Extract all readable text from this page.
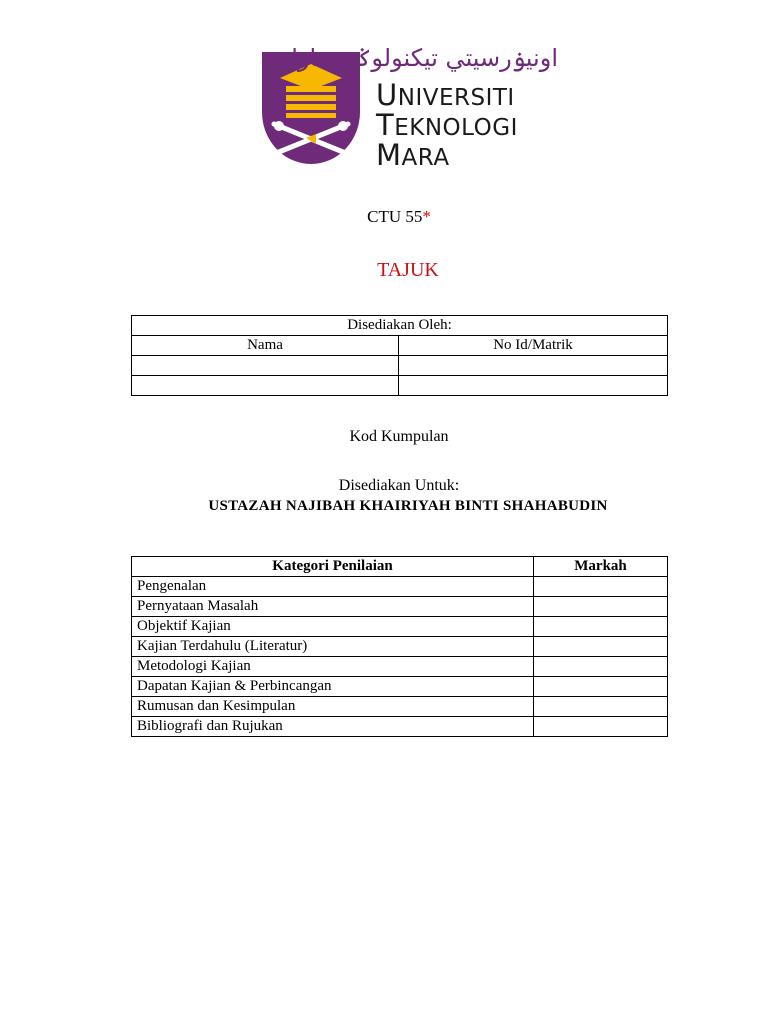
اونيۏرسيتي تيكنولوݢي مارا
UNIVERSITI
TEKNOLOGI
MARA
CTU 55*
TAJUK
Disediakan Oleh:	
Nama	No Id/Matrik

Kod Kumpulan
Disediakan Untuk:
USTAZAH NAJIBAH KHAIRIYAH BINTI SHAHABUDIN
Kategori Penilaian	Markah
Pengenalan	
Pernyataan Masalah	
Objektif Kajian	
Kajian Terdahulu (Literatur)	
Metodologi Kajian	
Dapatan Kajian & Perbincangan	
Rumusan dan Kesimpulan	
Bibliografi dan Rujukan	
